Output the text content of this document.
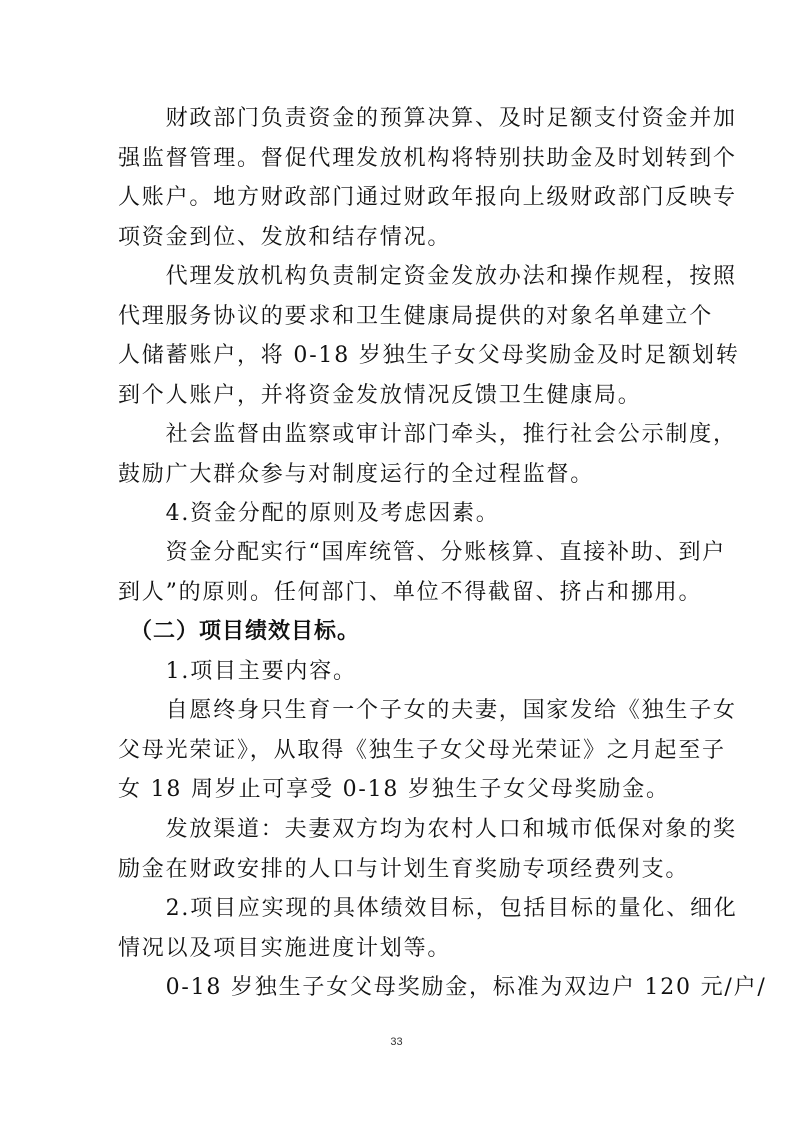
　　财政部门负责资金的预算决算、及时足额支付资金并加
强监督管理。督促代理发放机构将特别扶助金及时划转到个
人账户。地方财政部门通过财政年报向上级财政部门反映专
项资金到位、发放和结存情况。
　　代理发放机构负责制定资金发放办法和操作规程，按照
代理服务协议的要求和卫生健康局提供的对象名单建立个
人储蓄账户，将 0-18 岁独生子女父母奖励金及时足额划转
到个人账户，并将资金发放情况反馈卫生健康局。
　　社会监督由监察或审计部门牵头，推行社会公示制度，
鼓励广大群众参与对制度运行的全过程监督。
　　4.资金分配的原则及考虑因素。
　　资金分配实行“国库统管、分账核算、直接补助、到户
到人”的原则。任何部门、单位不得截留、挤占和挪用。
　（二）项目绩效目标。
　　1.项目主要内容。
　　自愿终身只生育一个子女的夫妻，国家发给《独生子女
父母光荣证》，从取得《独生子女父母光荣证》之月起至子
女 18 周岁止可享受 0-18 岁独生子女父母奖励金。
　　发放渠道：夫妻双方均为农村人口和城市低保对象的奖
励金在财政安排的人口与计划生育奖励专项经费列支。
　　2.项目应实现的具体绩效目标，包括目标的量化、细化
情况以及项目实施进度计划等。
　　0-18 岁独生子女父母奖励金，标准为双边户 120 元/户/
33
